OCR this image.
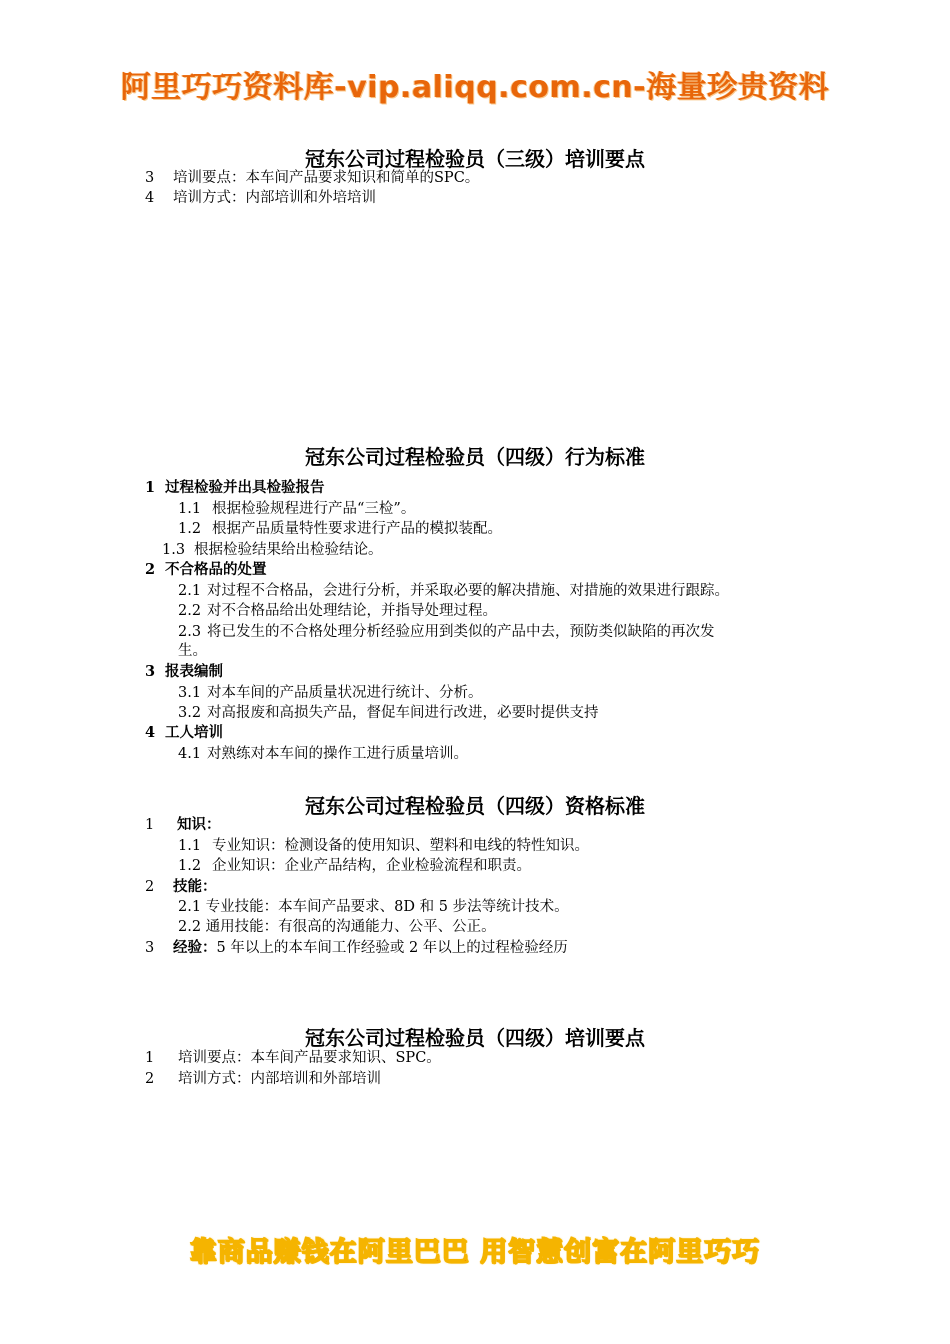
阿里巧巧资料库-vip.aliqq.com.cn-海量珍贵资料
冠东公司过程检验员（三级）培训要点
3 培训要点：本车间产品要求知识和简单的SPC。
4 培训方式：内部培训和外培培训
冠东公司过程检验员（四级）行为标准
1 过程检验并出具检验报告
1.1 根据检验规程进行产品“三检”。
1.2 根据产品质量特性要求进行产品的模拟装配。
1.3 根据检验结果给出检验结论。
2 不合格品的处置
2.1 对过程不合格品，会进行分析，并采取必要的解决措施、对措施的效果进行跟踪。
2.2 对不合格品给出处理结论，并指导处理过程。
2.3 将已发生的不合格处理分析经验应用到类似的产品中去，预防类似缺陷的再次发
生。
3 报表编制
3.1 对本车间的产品质量状况进行统计、分析。
3.2 对高报废和高损失产品，督促车间进行改进，必要时提供支持
4 工人培训
4.1 对熟练对本车间的操作工进行质量培训。
冠东公司过程检验员（四级）资格标准
1 知识：
1.1 专业知识：检测设备的使用知识、塑料和电线的特性知识。
1.2 企业知识：企业产品结构，企业检验流程和职责。
2 技能：
2.1 专业技能：本车间产品要求、8D 和 5 步法等统计技术。
2.2 通用技能：有很高的沟通能力、公平、公正。
3 经验：5 年以上的本车间工作经验或 2 年以上的过程检验经历
冠东公司过程检验员（四级）培训要点
1 培训要点：本车间产品要求知识、SPC。
2 培训方式：内部培训和外部培训
靠商品赚钱在阿里巴巴 用智慧创富在阿里巧巧
